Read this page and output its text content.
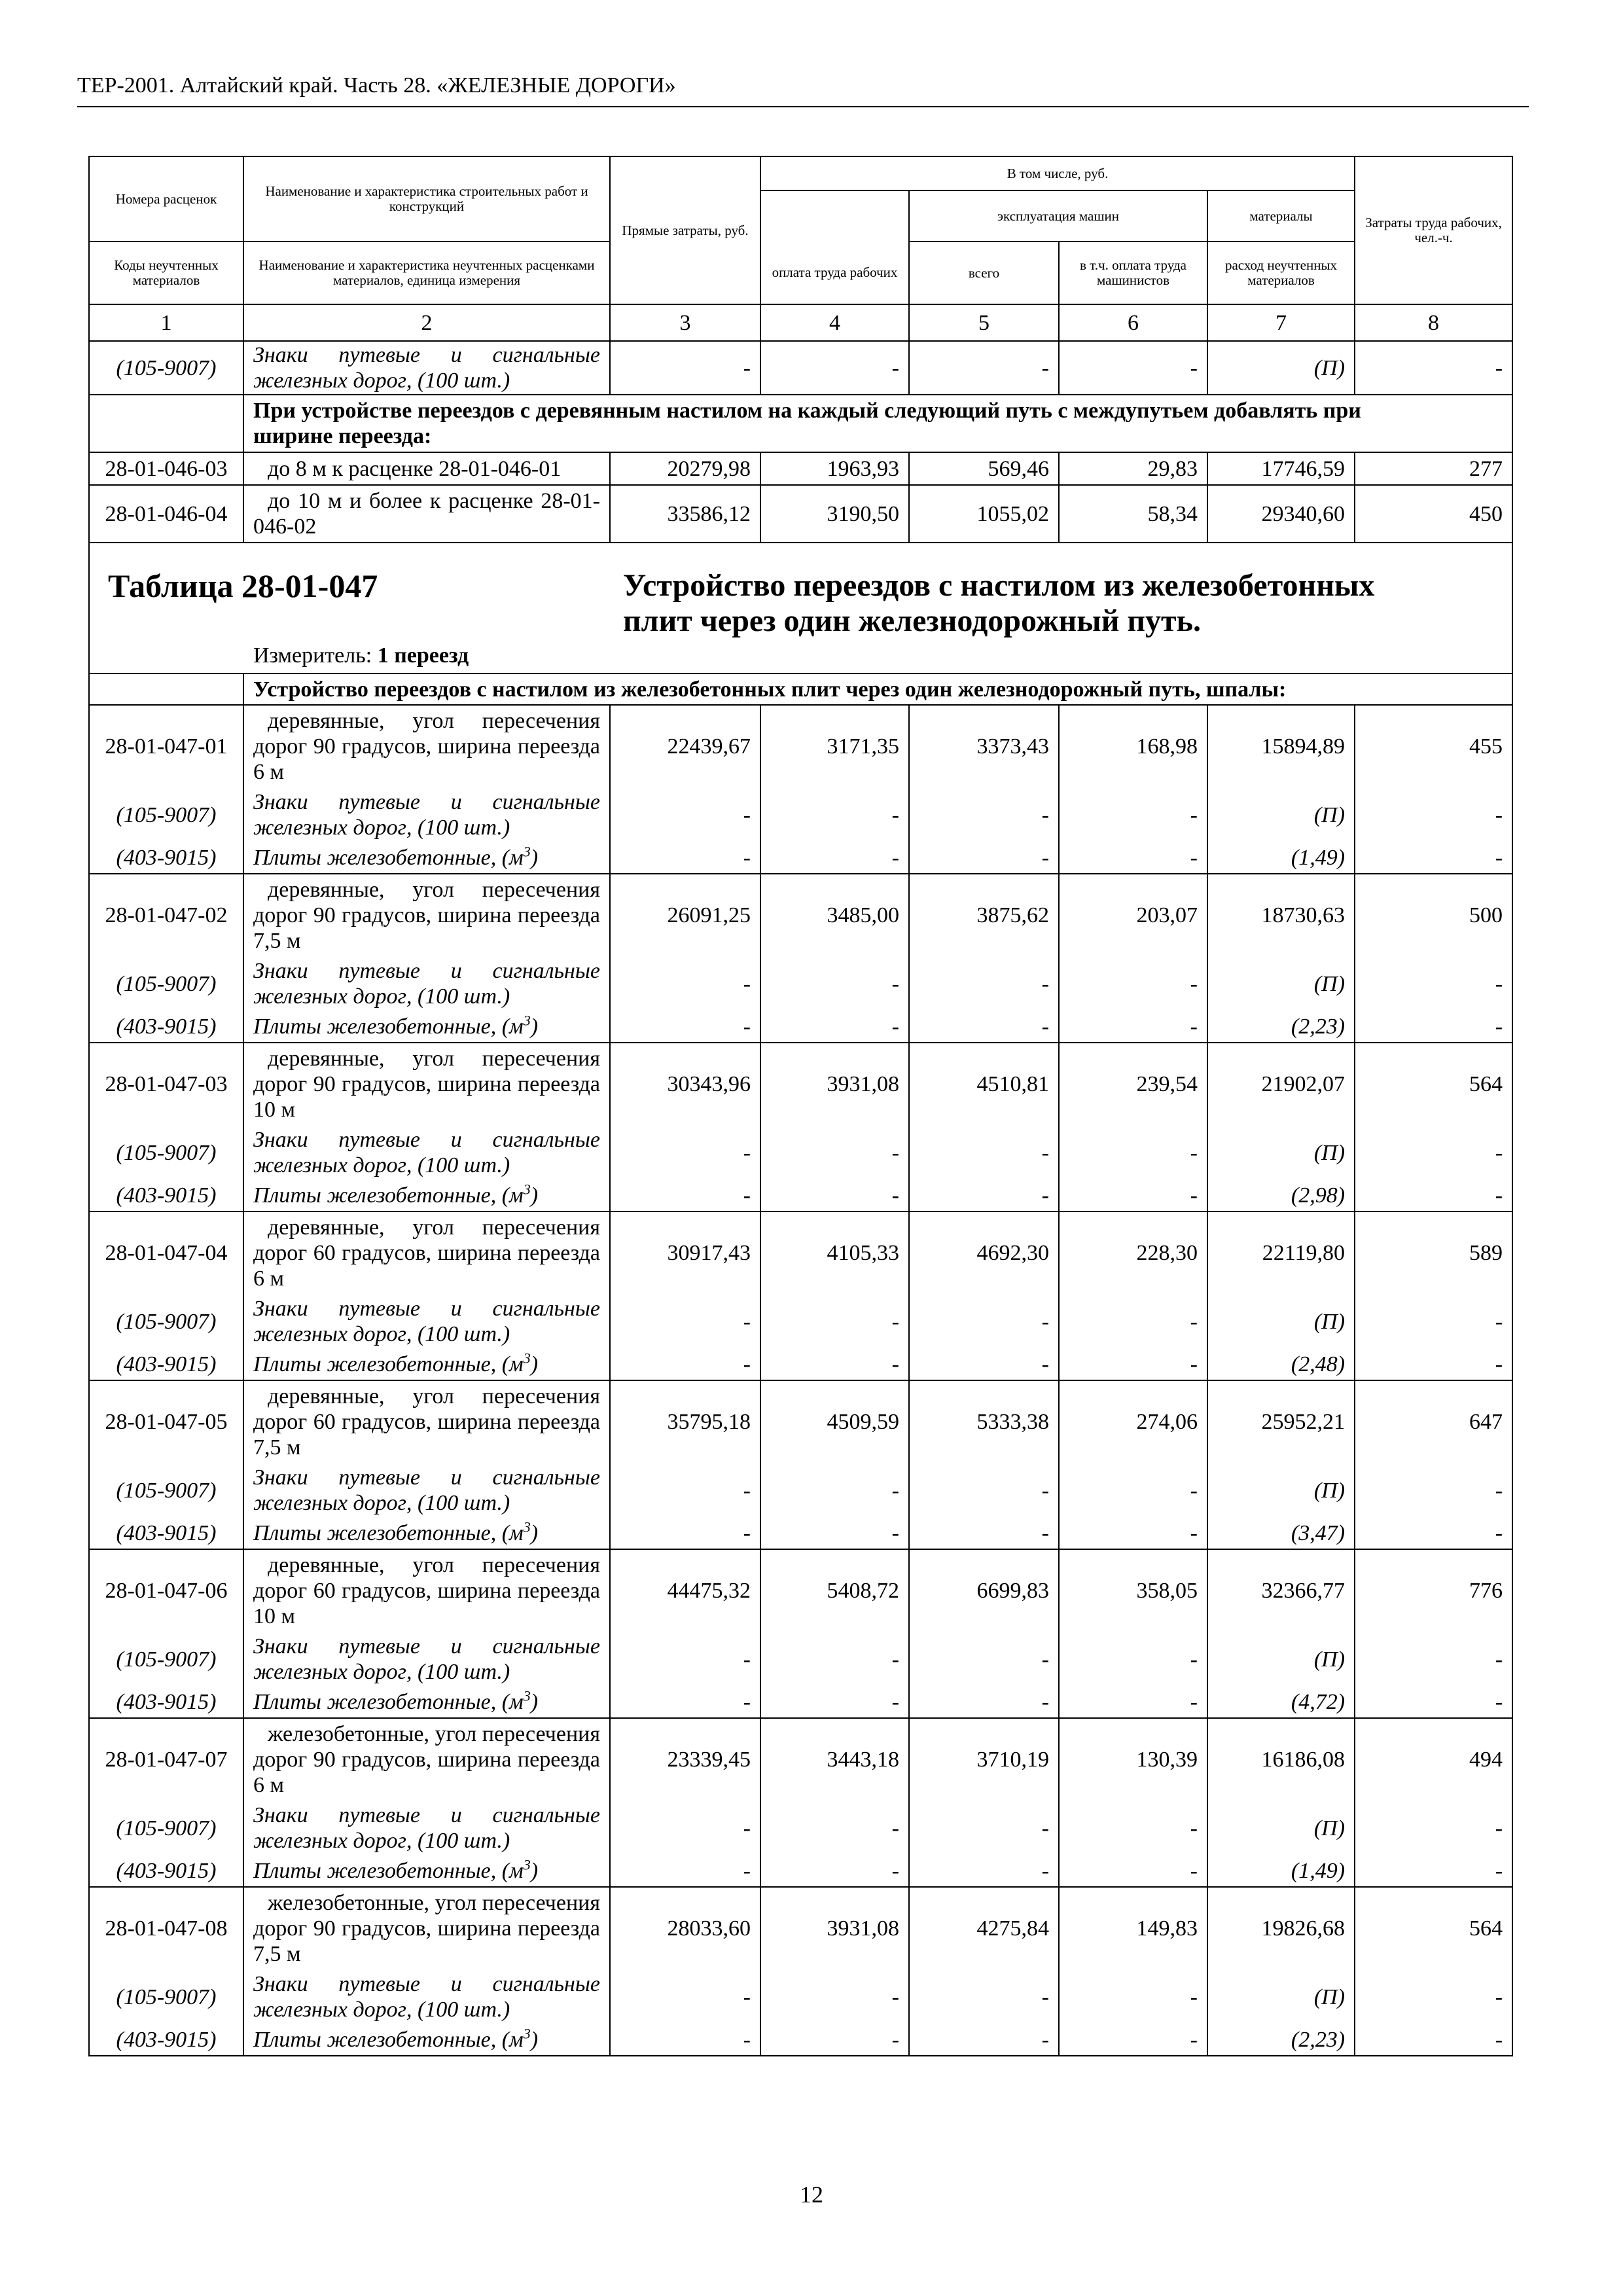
ТЕР-2001. Алтайский край. Часть 28. «ЖЕЛЕЗНЫЕ ДОРОГИ»
Номера расценок	Наименование и характеристика строительных работ и конструкций	Прямые затраты, руб.	В том числе, руб.				Затраты труда рабочих, чел.-ч.
				эксплуатация машин		материалы	
Коды неучтенных материалов	Наименование и характеристика неучтенных расценками материалов, единица измерения		оплата труда рабочих	всего	в т.ч. оплата труда машинистов	расход неучтенных материалов	
1	2	3	4	5	6	7	8
(105-9007)	Знаки путевые и сигнальные железных дорог, (100 шт.)	-	-	-	-	(П)	-
	При устройстве переездов с деревянным настилом на каждый следующий путь с междупутьем добавлять при ширине переезда:						
28-01-046-03	до 8 м к расценке 28-01-046-01	20279,98	1963,93	569,46	29,83	17746,59	277
28-01-046-04	до 10 м и более к расценке 28-01-046-02	33586,12	3190,50	1055,02	58,34	29340,60	450

Таблица 28-01-047 Устройство переездов с настилом из железобетонных плит через один железнодорожный путь.
Измеритель: 1 переезд							

	Устройство переездов с настилом из железобетонных плит через один железнодорожный путь, шпалы:						
28-01-047-01	деревянные, угол пересечения дорог 90 градусов, ширина переезда 6 м	22439,67	3171,35	3373,43	168,98	15894,89	455
(105-9007)	Знаки путевые и сигнальные железных дорог, (100 шт.)	-	-	-	-	(П)	-
(403-9015)	Плиты железобетонные, $(м^3)$	-	-	-	-	(1,49)	-
28-01-047-02	деревянные, угол пересечения дорог 90 градусов, ширина переезда 7,5 м	26091,25	3485,00	3875,62	203,07	18730,63	500
(105-9007)	Знаки путевые и сигнальные железных дорог, (100 шт.)	-	-	-	-	(П)	-
(403-9015)	Плиты железобетонные, $(м^3)$	-	-	-	-	(2,23)	-
28-01-047-03	деревянные, угол пересечения дорог 90 градусов, ширина переезда 10 м	30343,96	3931,08	4510,81	239,54	21902,07	564
(105-9007)	Знаки путевые и сигнальные железных дорог, (100 шт.)	-	-	-	-	(П)	-
(403-9015)	Плиты железобетонные, $(м^3)$	-	-	-	-	(2,98)	-
28-01-047-04	деревянные, угол пересечения дорог 60 градусов, ширина переезда 6 м	30917,43	4105,33	4692,30	228,30	22119,80	589
(105-9007)	Знаки путевые и сигнальные железных дорог, (100 шт.)	-	-	-	-	(П)	-
(403-9015)	Плиты железобетонные, $(м^3)$	-	-	-	-	(2,48)	-
28-01-047-05	деревянные, угол пересечения дорог 60 градусов, ширина переезда 7,5 м	35795,18	4509,59	5333,38	274,06	25952,21	647
(105-9007)	Знаки путевые и сигнальные железных дорог, (100 шт.)	-	-	-	-	(П)	-
(403-9015)	Плиты железобетонные, $(м^3)$	-	-	-	-	(3,47)	-
28-01-047-06	деревянные, угол пересечения дорог 60 градусов, ширина переезда 10 м	44475,32	5408,72	6699,83	358,05	32366,77	776
(105-9007)	Знаки путевые и сигнальные железных дорог, (100 шт.)	-	-	-	-	(П)	-
(403-9015)	Плиты железобетонные, $(м^3)$	-	-	-	-	(4,72)	-
28-01-047-07	железобетонные, угол пересечения дорог 90 градусов, ширина переезда 6 м	23339,45	3443,18	3710,19	130,39	16186,08	494
(105-9007)	Знаки путевые и сигнальные железных дорог, (100 шт.)	-	-	-	-	(П)	-
(403-9015)	Плиты железобетонные, $(м^3)$	-	-	-	-	(1,49)	-
28-01-047-08	железобетонные, угол пересечения дорог 90 градусов, ширина переезда 7,5 м	28033,60	3931,08	4275,84	149,83	19826,68	564
(105-9007)	Знаки путевые и сигнальные железных дорог, (100 шт.)	-	-	-	-	(П)	-
(403-9015)	Плиты железобетонные, $(м^3)$	-	-	-	-	(2,23)	-
12
